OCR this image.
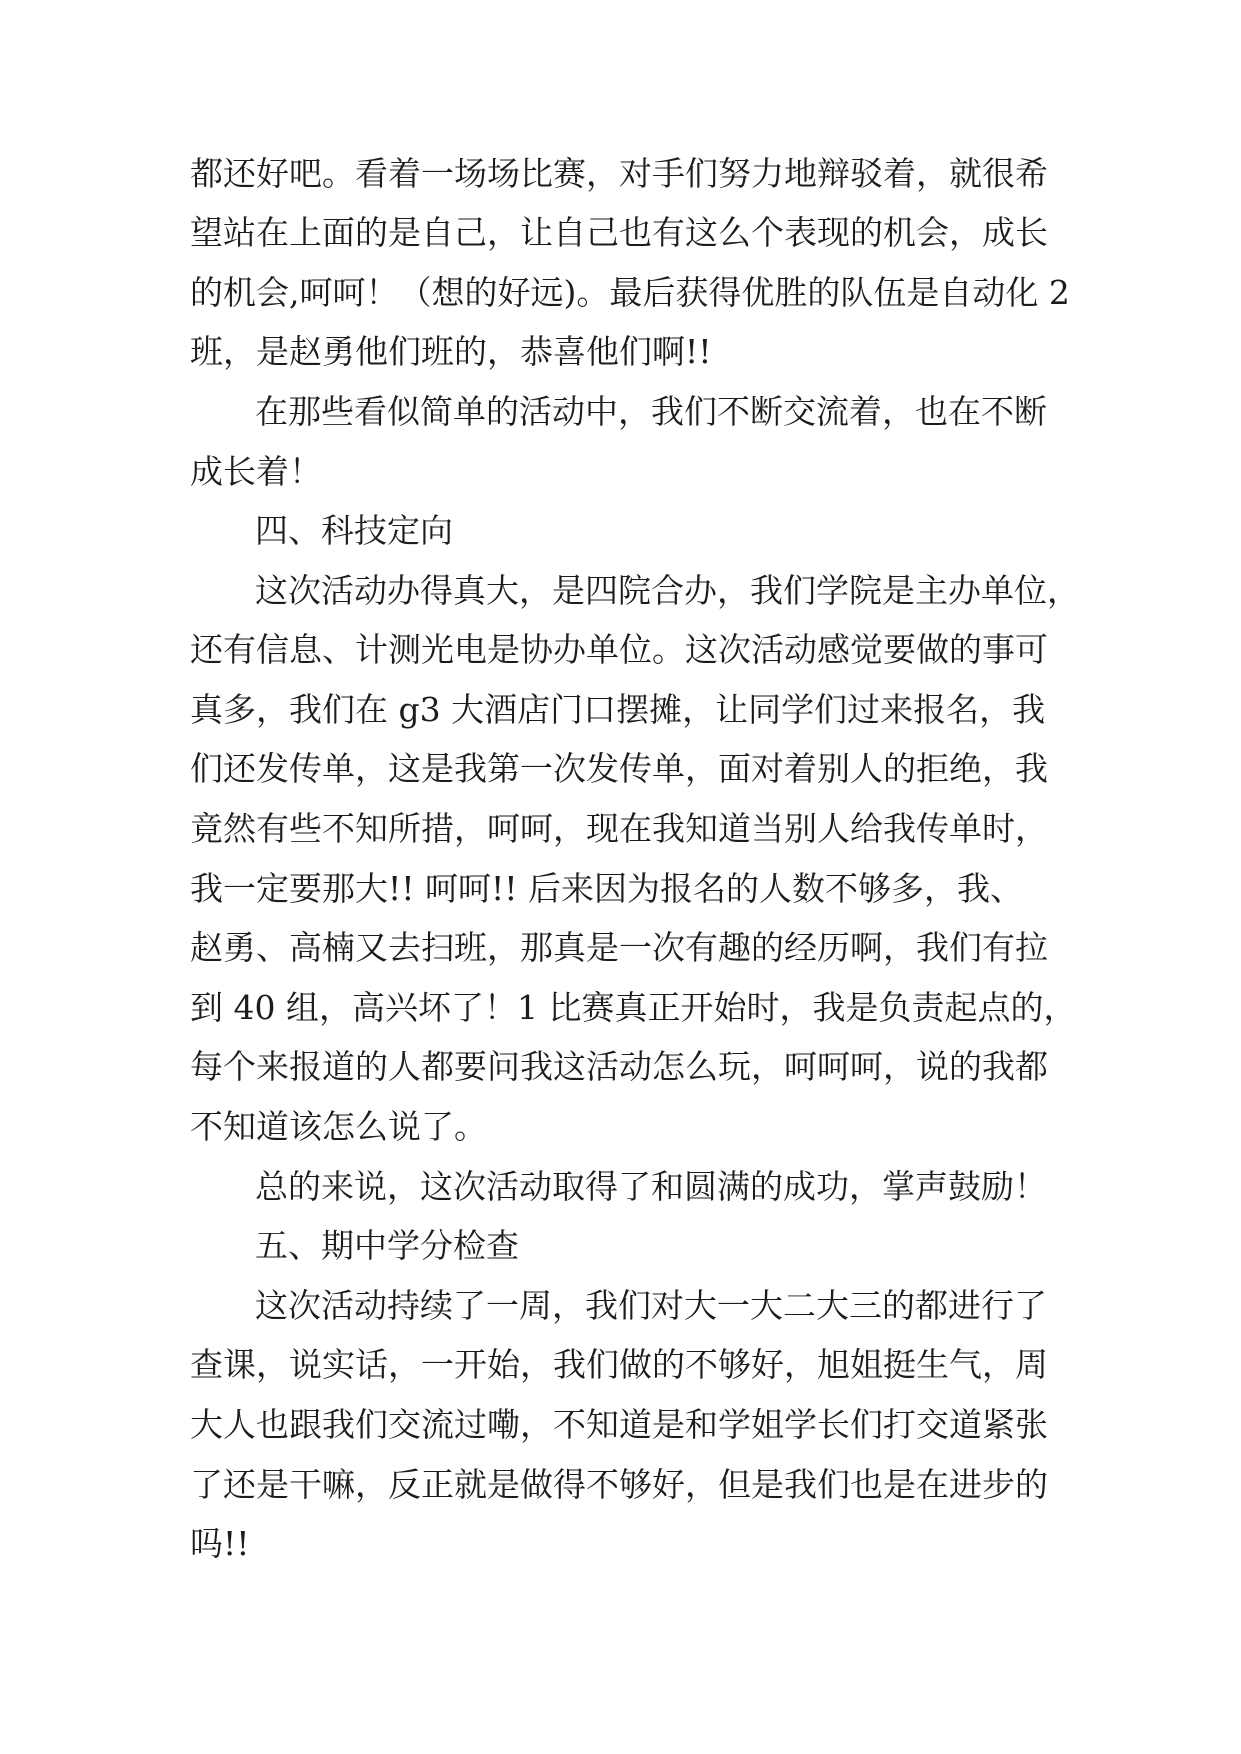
都还好吧。看着一场场比赛，对手们努力地辩驳着，就很希

望站在上面的是自己，让自己也有这么个表现的机会，成长

的机会,呵呵！（想的好远)。最后获得优胜的队伍是自动化 2

班，是赵勇他们班的，恭喜他们啊!!

在那些看似简单的活动中，我们不断交流着，也在不断

成长着！

四、科技定向

这次活动办得真大，是四院合办，我们学院是主办单位，

还有信息、计测光电是协办单位。这次活动感觉要做的事可

真多，我们在 g3 大酒店门口摆摊，让同学们过来报名，我

们还发传单，这是我第一次发传单，面对着别人的拒绝，我

竟然有些不知所措，呵呵，现在我知道当别人给我传单时，

我一定要那大!! 呵呵!! 后来因为报名的人数不够多，我、

赵勇、高楠又去扫班，那真是一次有趣的经历啊，我们有拉

到 40 组，高兴坏了！1 比赛真正开始时，我是负责起点的，

每个来报道的人都要问我这活动怎么玩，呵呵呵，说的我都

不知道该怎么说了。

总的来说，这次活动取得了和圆满的成功，掌声鼓励！

五、期中学分检查

这次活动持续了一周，我们对大一大二大三的都进行了

查课，说实话，一开始，我们做的不够好，旭姐挺生气，周

大人也跟我们交流过嘞，不知道是和学姐学长们打交道紧张

了还是干嘛，反正就是做得不够好，但是我们也是在进步的

吗!!
